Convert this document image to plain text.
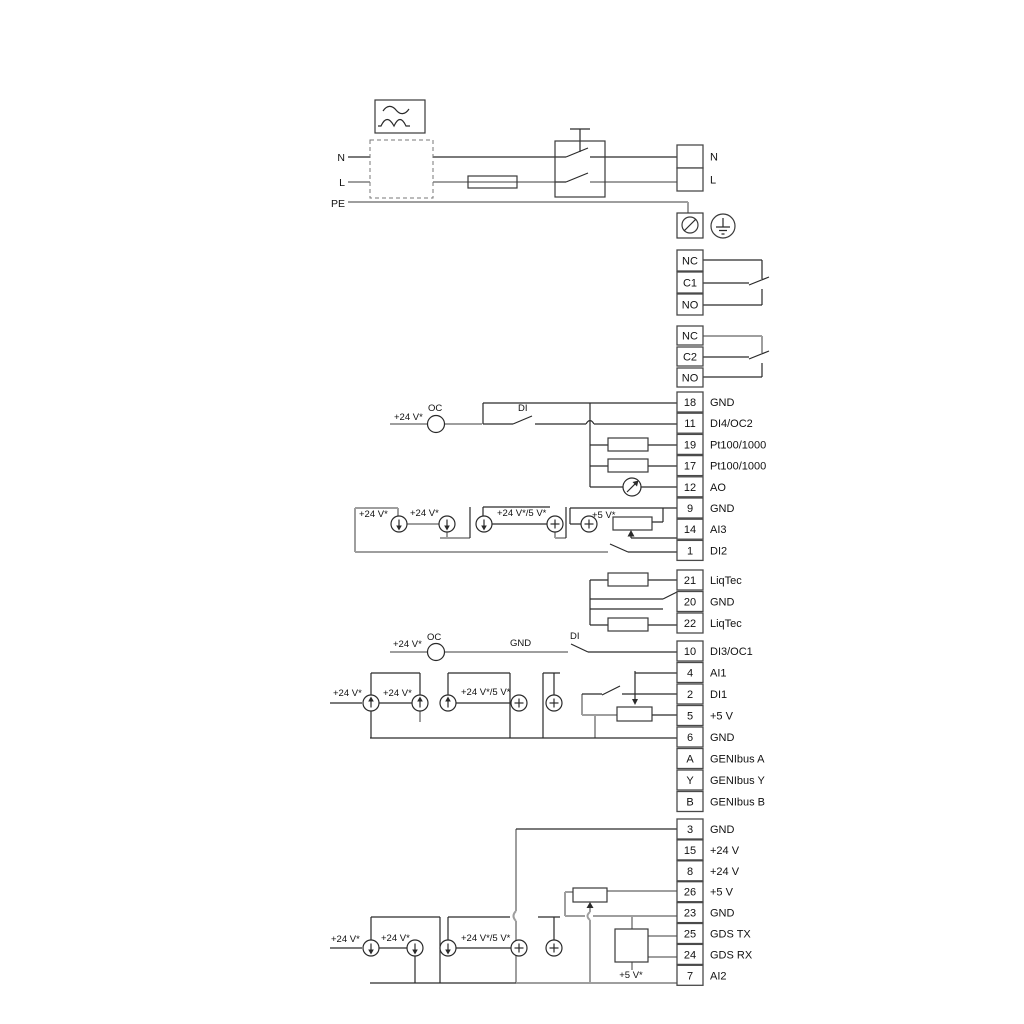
N
L
NC
C1
NO
NC
C2
NO
18 GND
11 DI4/OC2
19 Pt100/1000
17 Pt100/1000
12 AO
9 GND
14 AI3
1 DI2
21 LiqTec
20 GND
22 LiqTec
10 DI3/OC1
4 AI1
2 DI1
5 +5 V
6 GND
A GENIbus A
Y GENIbus Y
B GENIbus B
3 GND
15 +24 V
8 +24 V
26 +5 V
23 GND
25 GDS TX
24 GDS RX
7 AI2
N
L
PE
+24 V*
OC	DI
+24 V* +24 V*	+24 V*/5 V*	+5 V*
+24 V*
OC
GND
DI
+24 V* +24 V*	+24 V*/5 V*
+24 V* +24 V*	+24 V*/5 V*
+5 V*
